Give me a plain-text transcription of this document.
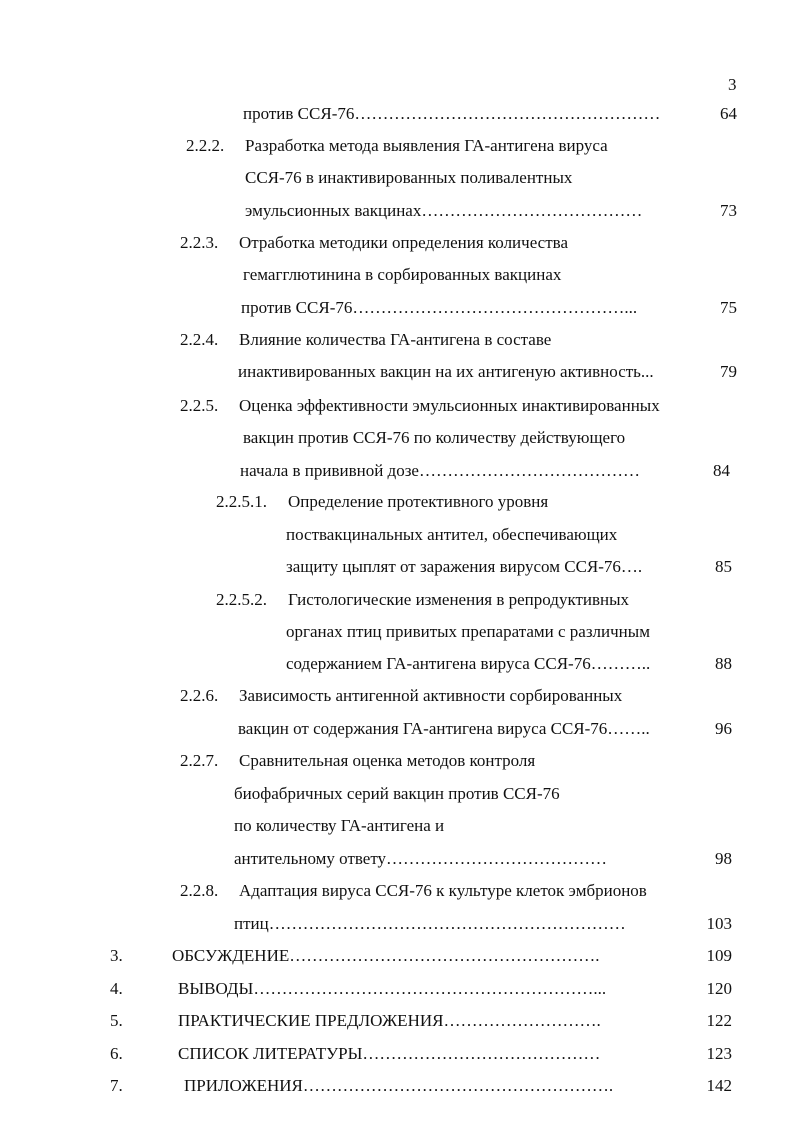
3
против ССЯ-76………………………………………………	64
2.2.2. Разработка метода выявления ГА-антигена вируса
ССЯ-76 в инактивированных поливалентных
эмульсионных вакцинах…………………………………	73
2.2.3. Отработка методики определения количества
гемагглютинина в сорбированных вакцинах
против ССЯ-76…………………………………………...	75
2.2.4. Влияние количества ГА-антигена в составе
инактивированных вакцин на их антигеную активность...	79
2.2.5. Оценка эффективности эмульсионных инактивированных
вакцин против ССЯ-76 по количеству действующего
начала в прививной дозе…………………………………	84
2.2.5.1. Определение протективного уровня
поствакцинальных антител, обеспечивающих
защиту цыплят от заражения вирусом ССЯ-76….	85
2.2.5.2. Гистологические изменения в репродуктивных
органах птиц привитых препаратами с различным
содержанием ГА-антигена вируса ССЯ-76………..	88
2.2.6. Зависимость антигенной активности сорбированных
вакцин от содержания ГА-антигена вируса ССЯ-76……..	96
2.2.7. Сравнительная оценка методов контроля
биофабричных серий вакцин против ССЯ-76
по количеству ГА-антигена и
антительному ответу…………………………………	98
2.2.8. Адаптация вируса ССЯ-76 к культуре клеток эмбрионов
птиц………………………………………………………	103
3.	ОБСУЖДЕНИЕ……………………………………………….	109
4.	ВЫВОДЫ……………………………………………………...	120
5.	ПРАКТИЧЕСКИЕ ПРЕДЛОЖЕНИЯ……………………….	122
6.	СПИСОК ЛИТЕРАТУРЫ……………………………………	123
7.	ПРИЛОЖЕНИЯ……………………………………………….	142
